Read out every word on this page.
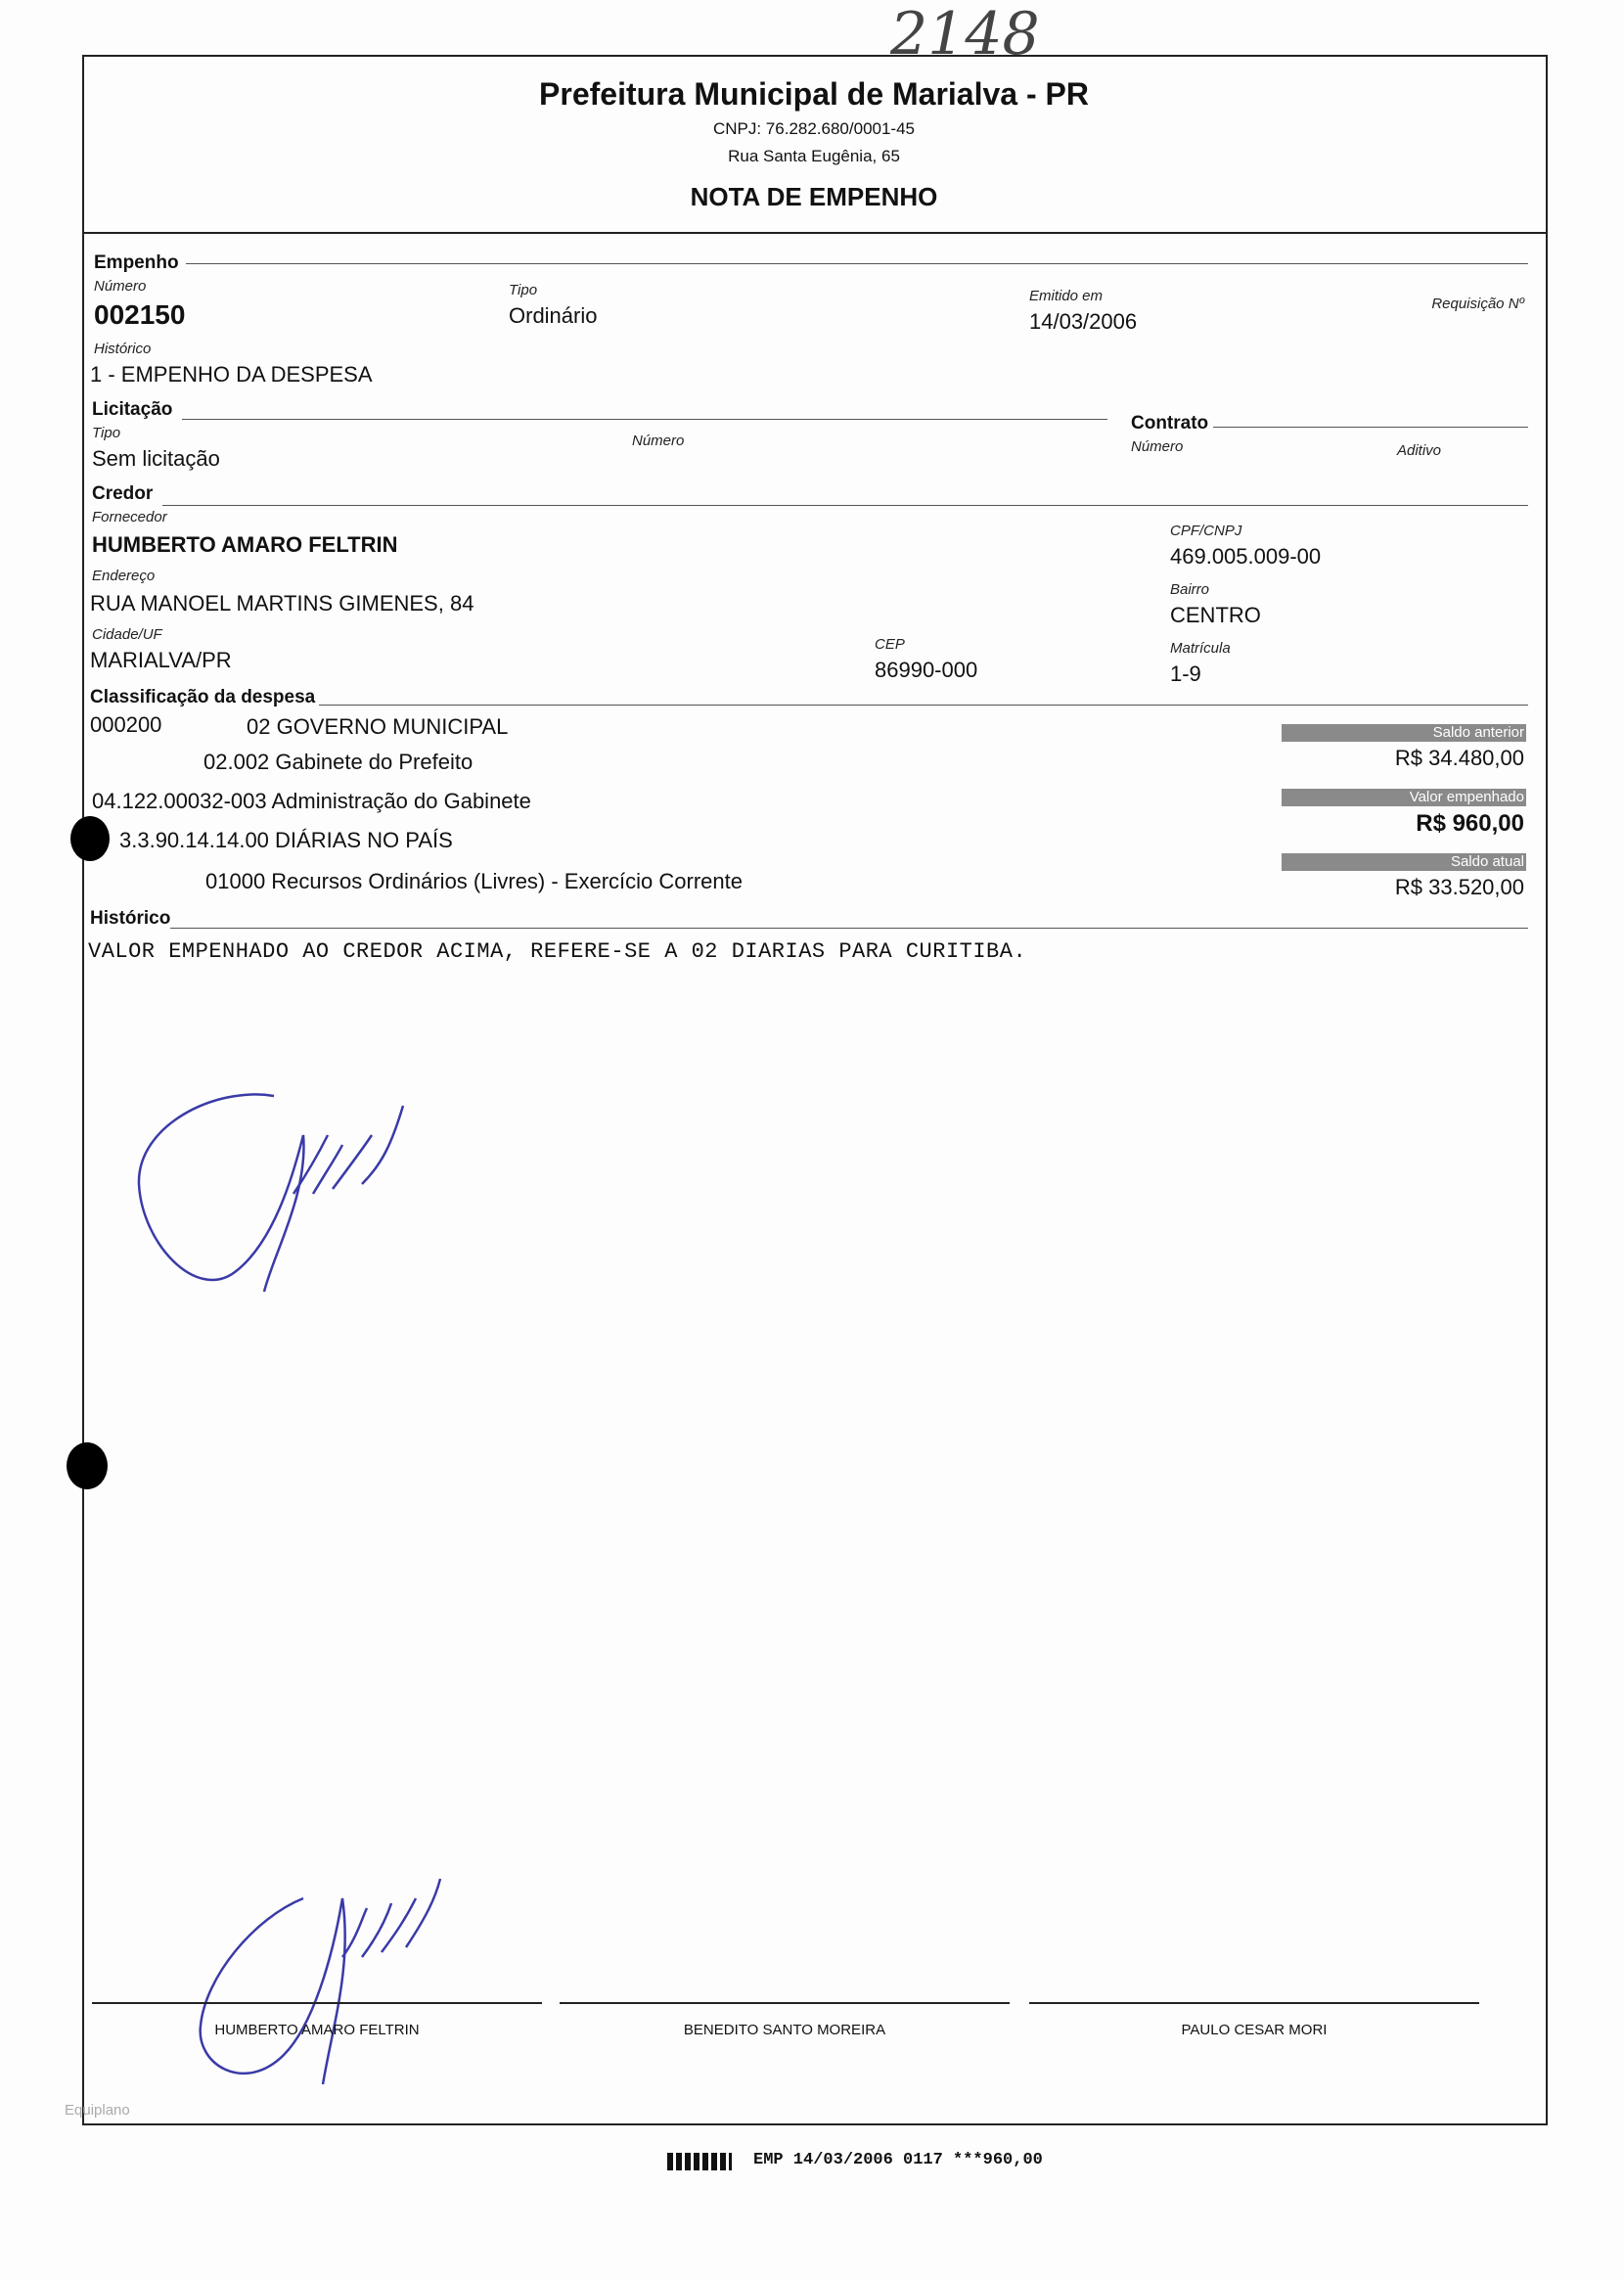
2148
Prefeitura Municipal de Marialva - PR
CNPJ: 76.282.680/0001-45
Rua Santa Eugênia, 65
NOTA DE EMPENHO
Empenho
Número
002150
Tipo
Ordinário
Emitido em
14/03/2006
Requisição Nº
Histórico
1 - EMPENHO DA DESPESA
Licitação
Tipo
Sem licitação
Número
Contrato
Número	Aditivo
Credor
Fornecedor
HUMBERTO AMARO FELTRIN
CPF/CNPJ
469.005.009-00
Endereço
RUA MANOEL MARTINS GIMENES, 84
Bairro
CENTRO
Cidade/UF
MARIALVA/PR
CEP
86990-000
Matrícula
1-9
Classificação da despesa
000200	02 GOVERNO MUNICIPAL
02.002 Gabinete do Prefeito
04.122.00032-003 Administração do Gabinete
3.3.90.14.14.00 DIÁRIAS NO PAÍS
01000 Recursos Ordinários (Livres) - Exercício Corrente
Saldo anterior
R$ 34.480,00
Valor empenhado
R$ 960,00
Saldo atual
R$ 33.520,00
Histórico
VALOR EMPENHADO AO CREDOR ACIMA, REFERE-SE A 02 DIARIAS PARA CURITIBA.
HUMBERTO AMARO FELTRIN	BENEDITO SANTO MOREIRA	PAULO CESAR MORI
Equiplano
EMP 14/03/2006 0117 ***960,00
